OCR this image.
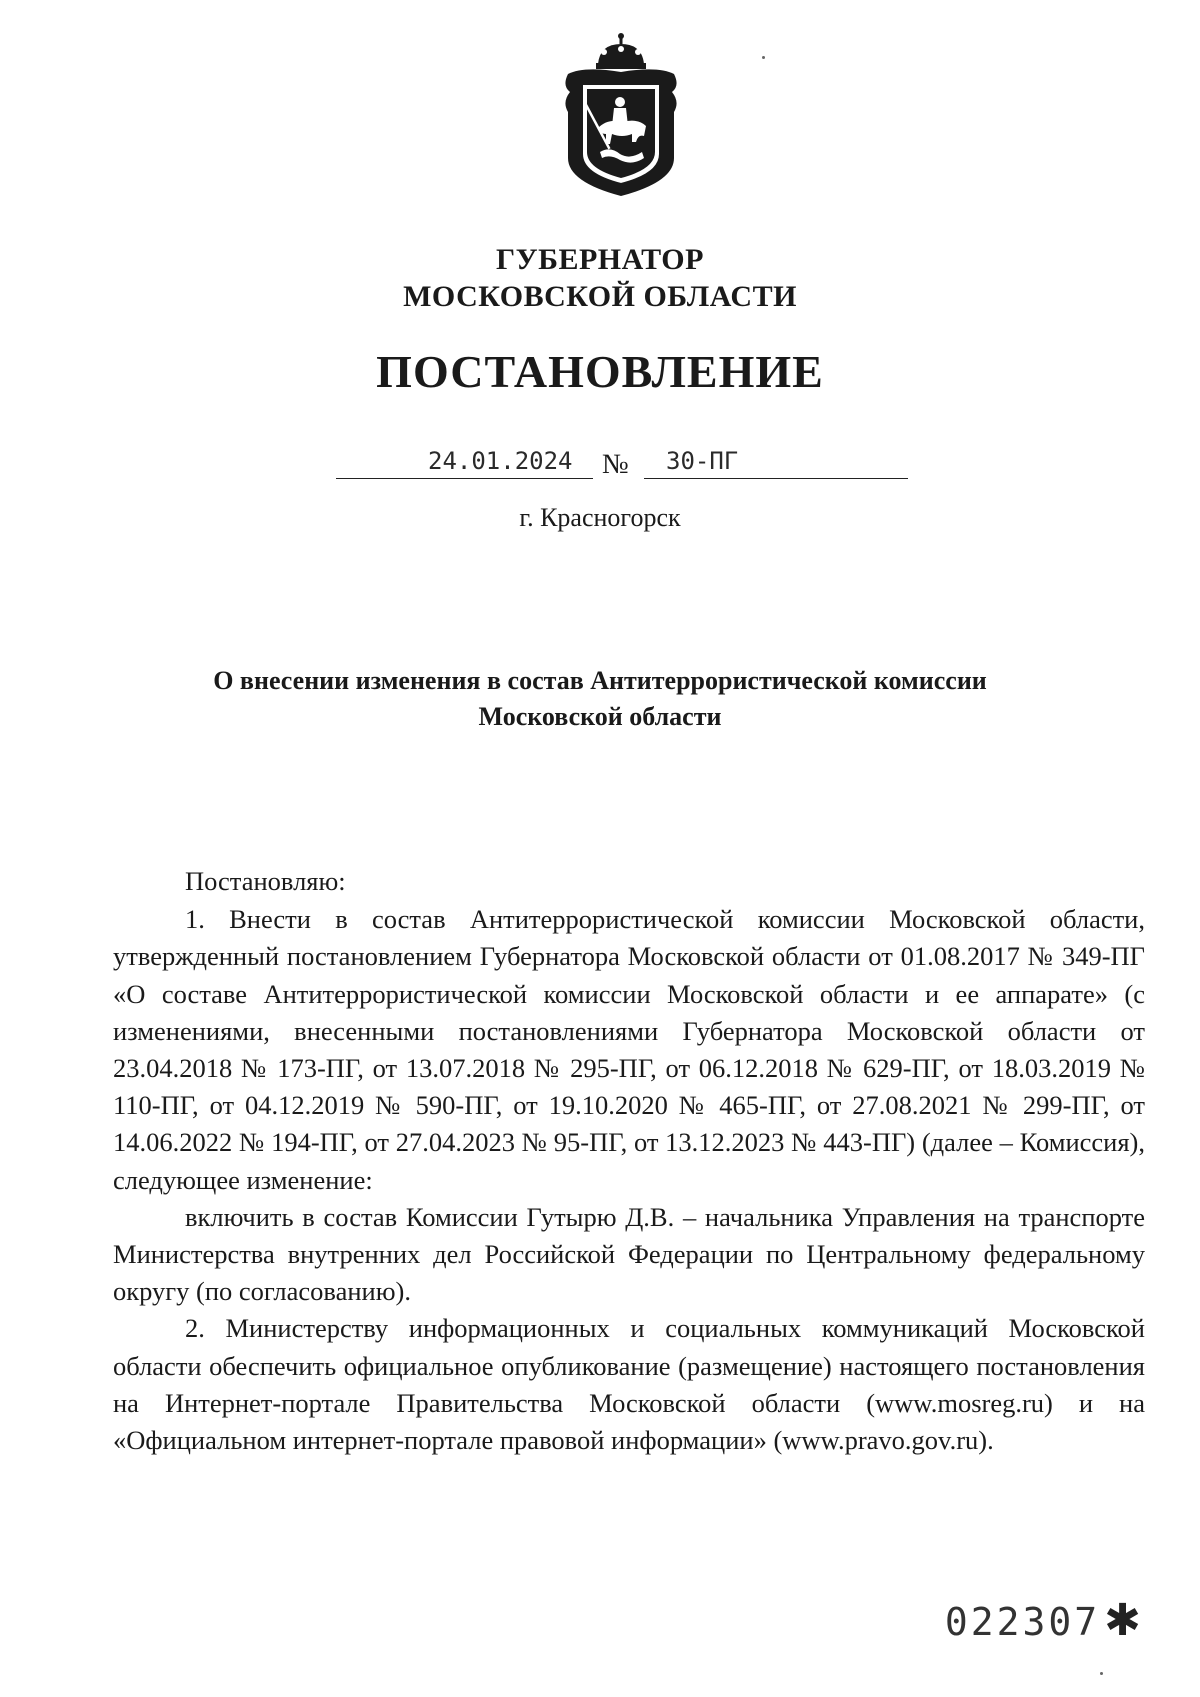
ГУБЕРНАТОР
МОСКОВСКОЙ ОБЛАСТИ
ПОСТАНОВЛЕНИЕ
24.01.2024 № 30-ПГ
г. Красногорск
О внесении изменения в состав Антитеррористической комиссии Московской области

Постановляю:

1. Внести в состав Антитеррористической комиссии Московской области, утвержденный постановлением Губернатора Московской области от 01.08.2017 № 349-ПГ «О составе Антитеррористической комиссии Московской области и ее аппарате» (с изменениями, внесенными постановлениями Губернатора Московской области от 23.04.2018 № 173-ПГ, от 13.07.2018 № 295-ПГ, от 06.12.2018 № 629-ПГ, от 18.03.2019 № 110-ПГ, от 04.12.2019 № 590-ПГ, от 19.10.2020 № 465-ПГ, от 27.08.2021 № 299-ПГ, от 14.06.2022 № 194-ПГ, от 27.04.2023 № 95-ПГ, от 13.12.2023 № 443-ПГ) (далее – Комиссия), следующее изменение:

включить в состав Комиссии Гутырю Д.В. – начальника Управления на транспорте Министерства внутренних дел Российской Федерации по Центральному федеральному округу (по согласованию).

2. Министерству информационных и социальных коммуникаций Московской области обеспечить официальное опубликование (размещение) настоящего постановления на Интернет-портале Правительства Московской области (www.mosreg.ru) и на «Официальном интернет-портале правовой информации» (www.pravo.gov.ru).

022307✱
